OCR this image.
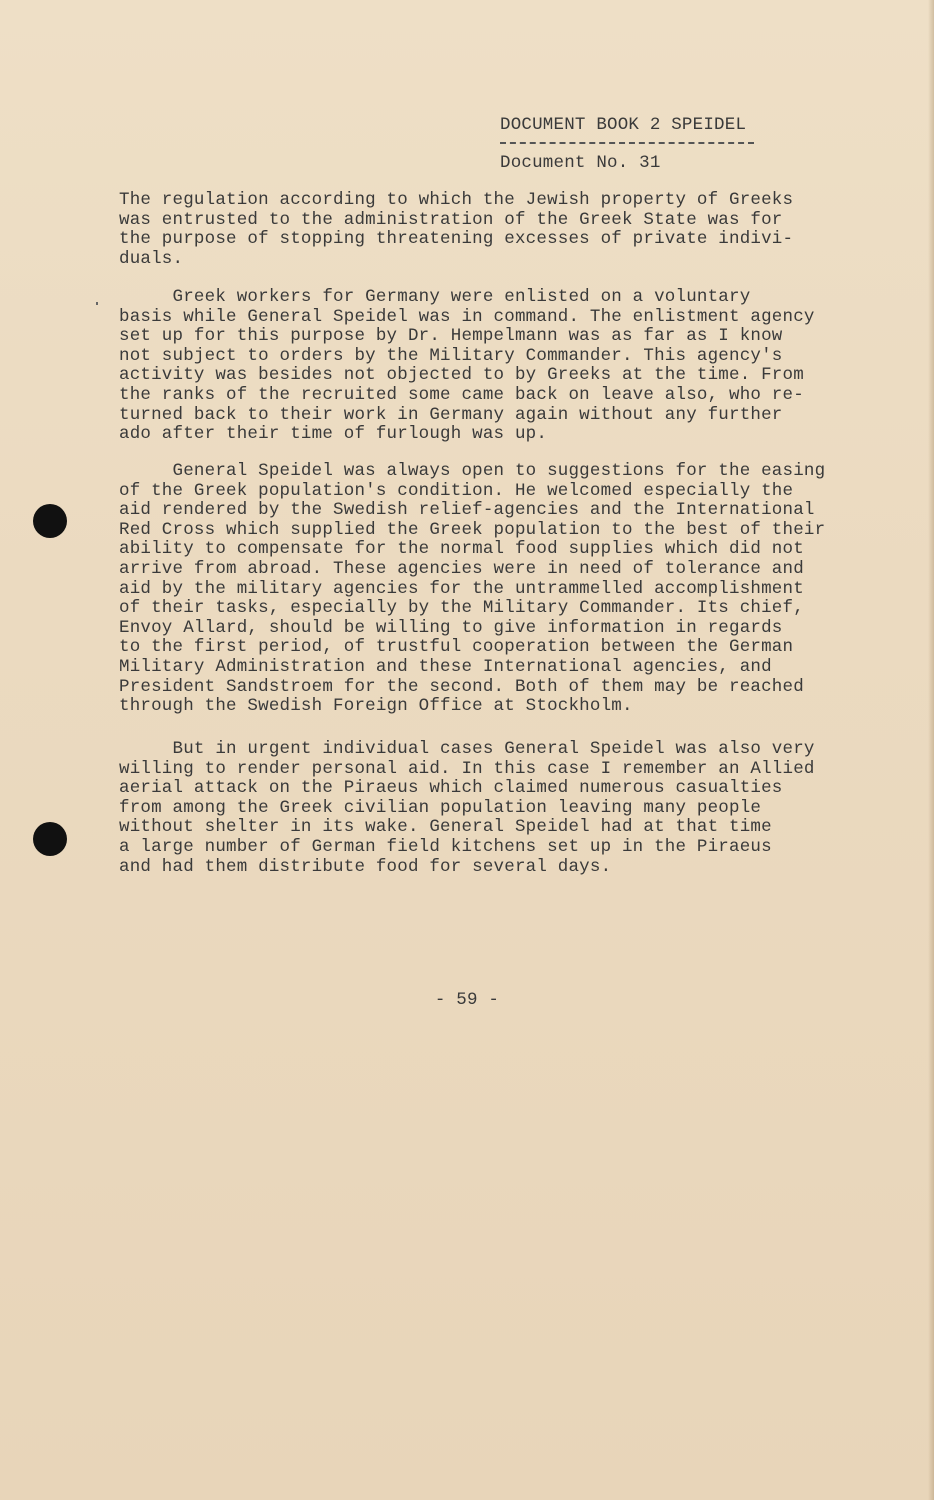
DOCUMENT BOOK 2 SPEIDEL
Document No. 31
The regulation according to which the Jewish property of Greeks
was entrusted to the administration of the Greek State was for
the purpose of stopping threatening excesses of private indivi-
duals.
Greek workers for Germany were enlisted on a voluntary
basis while General Speidel was in command. The enlistment agency
set up for this purpose by Dr. Hempelmann was as far as I know
not subject to orders by the Military Commander. This agency's
activity was besides not objected to by Greeks at the time. From
the ranks of the recruited some came back on leave also, who re-
turned back to their work in Germany again without any further
ado after their time of furlough was up.
General Speidel was always open to suggestions for the easing
of the Greek population's condition. He welcomed especially the
aid rendered by the Swedish relief-agencies and the International
Red Cross which supplied the Greek population to the best of their
ability to compensate for the normal food supplies which did not
arrive from abroad. These agencies were in need of tolerance and
aid by the military agencies for the untrammelled accomplishment
of their tasks, especially by the Military Commander. Its chief,
Envoy Allard, should be willing to give information in regards
to the first period, of trustful cooperation between the German
Military Administration and these International agencies, and
President Sandstroem for the second. Both of them may be reached
through the Swedish Foreign Office at Stockholm.
But in urgent individual cases General Speidel was also very
willing to render personal aid. In this case I remember an Allied
aerial attack on the Piraeus which claimed numerous casualties
from among the Greek civilian population leaving many people
without shelter in its wake. General Speidel had at that time
a large number of German field kitchens set up in the Piraeus
and had them distribute food for several days.
- 59 -
